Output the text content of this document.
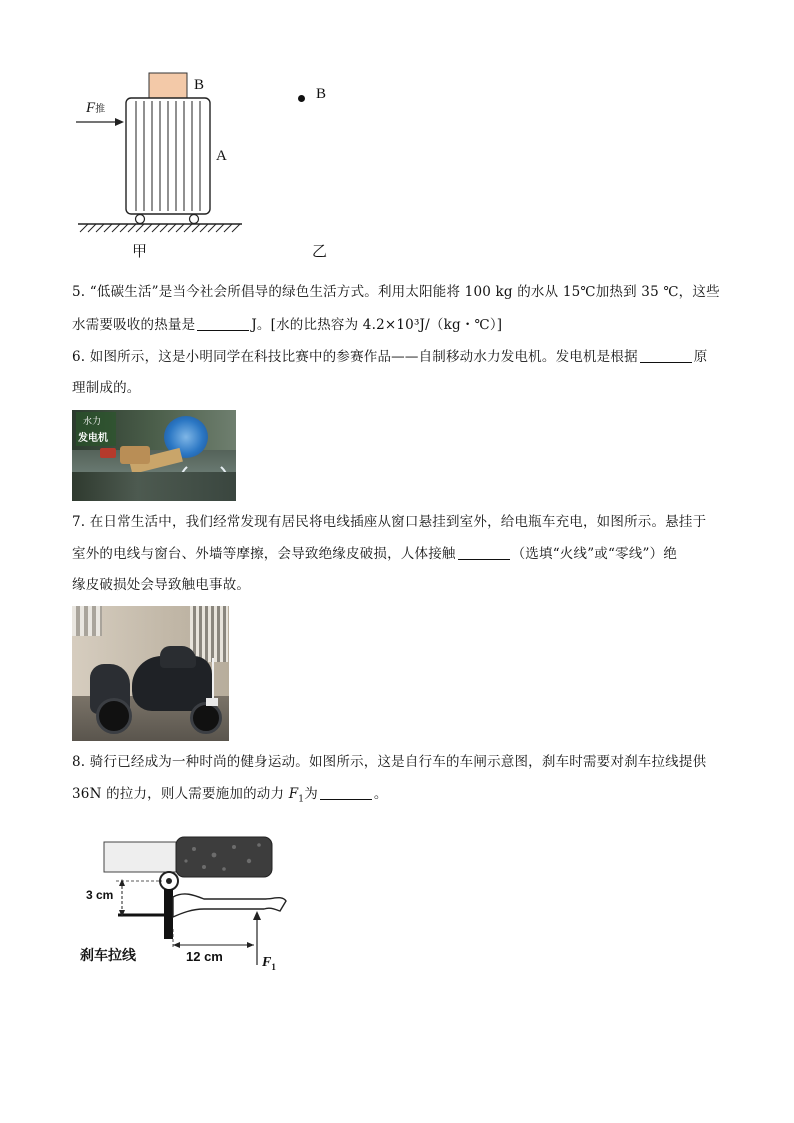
F推
B
A
甲
B
乙
5. “低碳生活”是当今社会所倡导的绿色生活方式。利用太阳能将 100 kg 的水从 15℃加热到 35 ℃，这些
水需要吸收的热量是	J。[水的比热容为 4.2×10³J/（kg・℃）]
6. 如图所示，这是小明同学在科技比赛中的参赛作品——自制移动水力发电机。发电机是根据	原
理制成的。
水力
发电机
7. 在日常生活中，我们经常发现有居民将电线插座从窗口悬挂到室外，给电瓶车充电，如图所示。悬挂于
室外的电线与窗台、外墙等摩擦，会导致绝缘皮破损，人体接触	（选填“火线”或“零线”）绝
缘皮破损处会导致触电事故。
8. 骑行已经成为一种时尚的健身运动。如图所示，这是自行车的车闸示意图，刹车时需要对刹车拉线提供
36N 的拉力，则人需要施加的动力 $F_1$为	。
3 cm
12 cm
刹车拉线	$F_1$
